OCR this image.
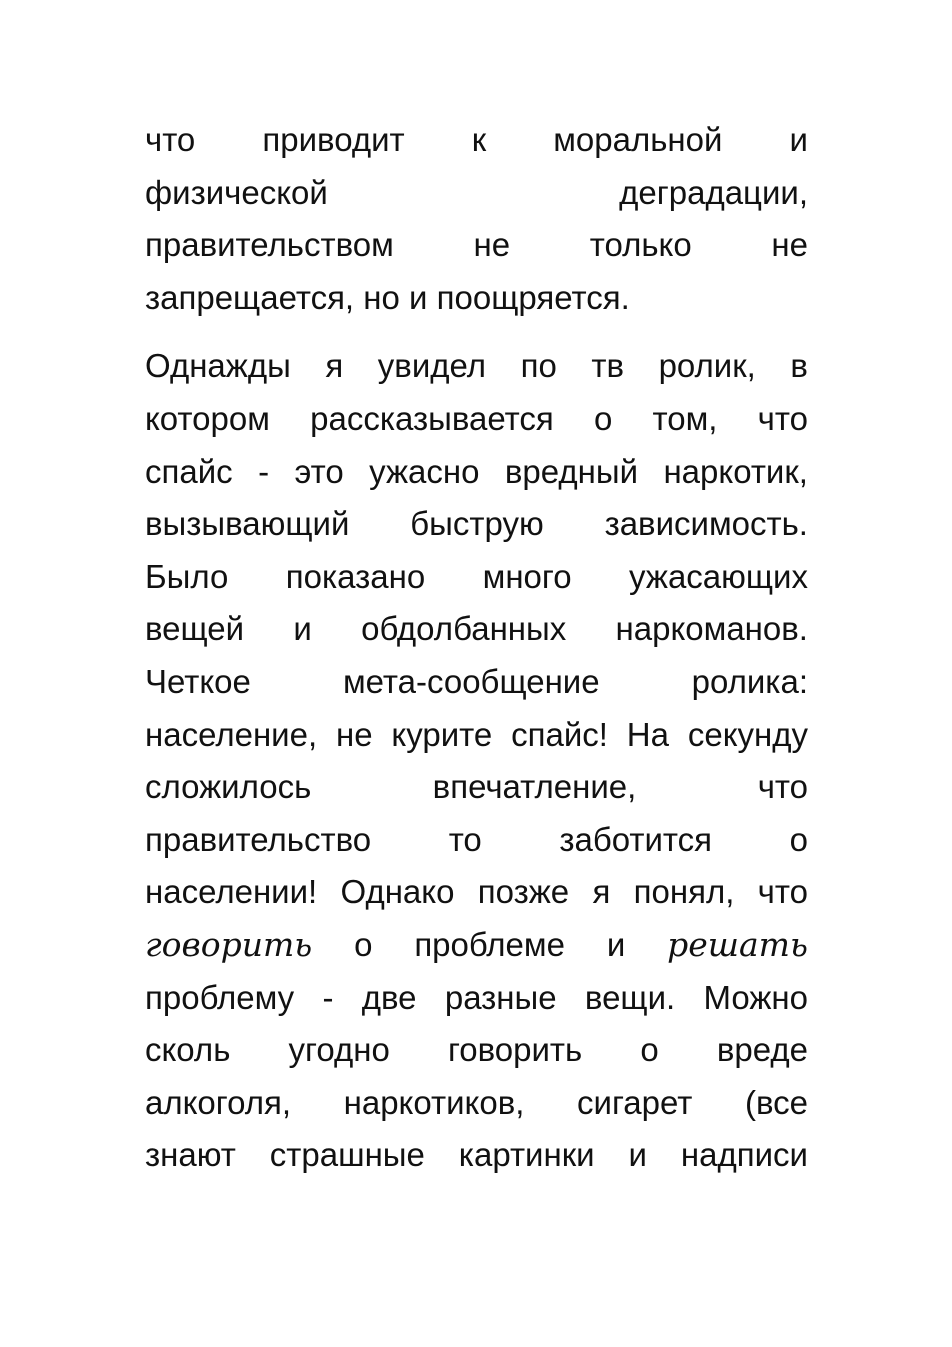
что приводит к моральной и
физической	деградации,
правительством не только не
запрещается, но и поощряется.
Однажды я увидел по тв ролик, в
котором рассказывается о том, что
спайс - это ужасно вредный наркотик,
вызывающий быструю зависимость.
Было показано много ужасающих
вещей и обдолбанных наркоманов.
Четкое	мета-сообщение	ролика:
население, не курите спайс! На секунду
сложилось	впечатление,	что
правительство то заботится о
населении! Однако позже я понял, что
говорить о проблеме и решать
проблему - две разные вещи. Можно
сколь угодно говорить о вреде
алкоголя, наркотиков, сигарет (все
знают страшные картинки и надписи
